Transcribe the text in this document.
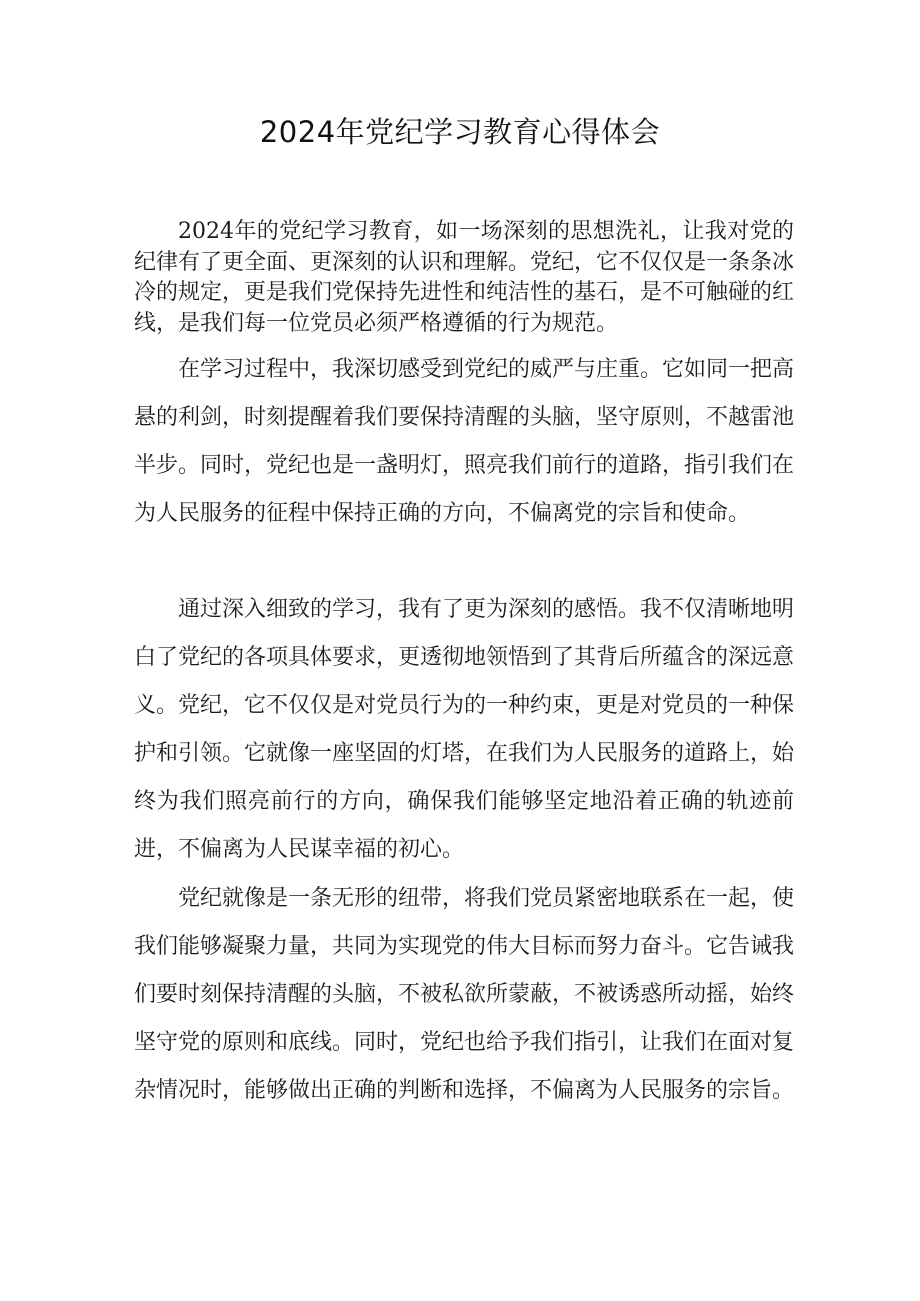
2024年党纪学习教育心得体会

2024年的党纪学习教育，如一场深刻的思想洗礼，让我对党的纪律有了更全面、更深刻的认识和理解。党纪，它不仅仅是一条条冰冷的规定，更是我们党保持先进性和纯洁性的基石，是不可触碰的红线，是我们每一位党员必须严格遵循的行为规范。

在学习过程中，我深切感受到党纪的威严与庄重。它如同一把高悬的利剑，时刻提醒着我们要保持清醒的头脑，坚守原则，不越雷池半步。同时，党纪也是一盏明灯，照亮我们前行的道路，指引我们在为人民服务的征程中保持正确的方向，不偏离党的宗旨和使命。

通过深入细致的学习，我有了更为深刻的感悟。我不仅清晰地明白了党纪的各项具体要求，更透彻地领悟到了其背后所蕴含的深远意义。党纪，它不仅仅是对党员行为的一种约束，更是对党员的一种保护和引领。它就像一座坚固的灯塔，在我们为人民服务的道路上，始终为我们照亮前行的方向，确保我们能够坚定地沿着正确的轨迹前进，不偏离为人民谋幸福的初心。

党纪就像是一条无形的纽带，将我们党员紧密地联系在一起，使我们能够凝聚力量，共同为实现党的伟大目标而努力奋斗。它告诫我们要时刻保持清醒的头脑，不被私欲所蒙蔽，不被诱惑所动摇，始终坚守党的原则和底线。同时，党纪也给予我们指引，让我们在面对复杂情况时，能够做出正确的判断和选择，不偏离为人民服务的宗旨。
